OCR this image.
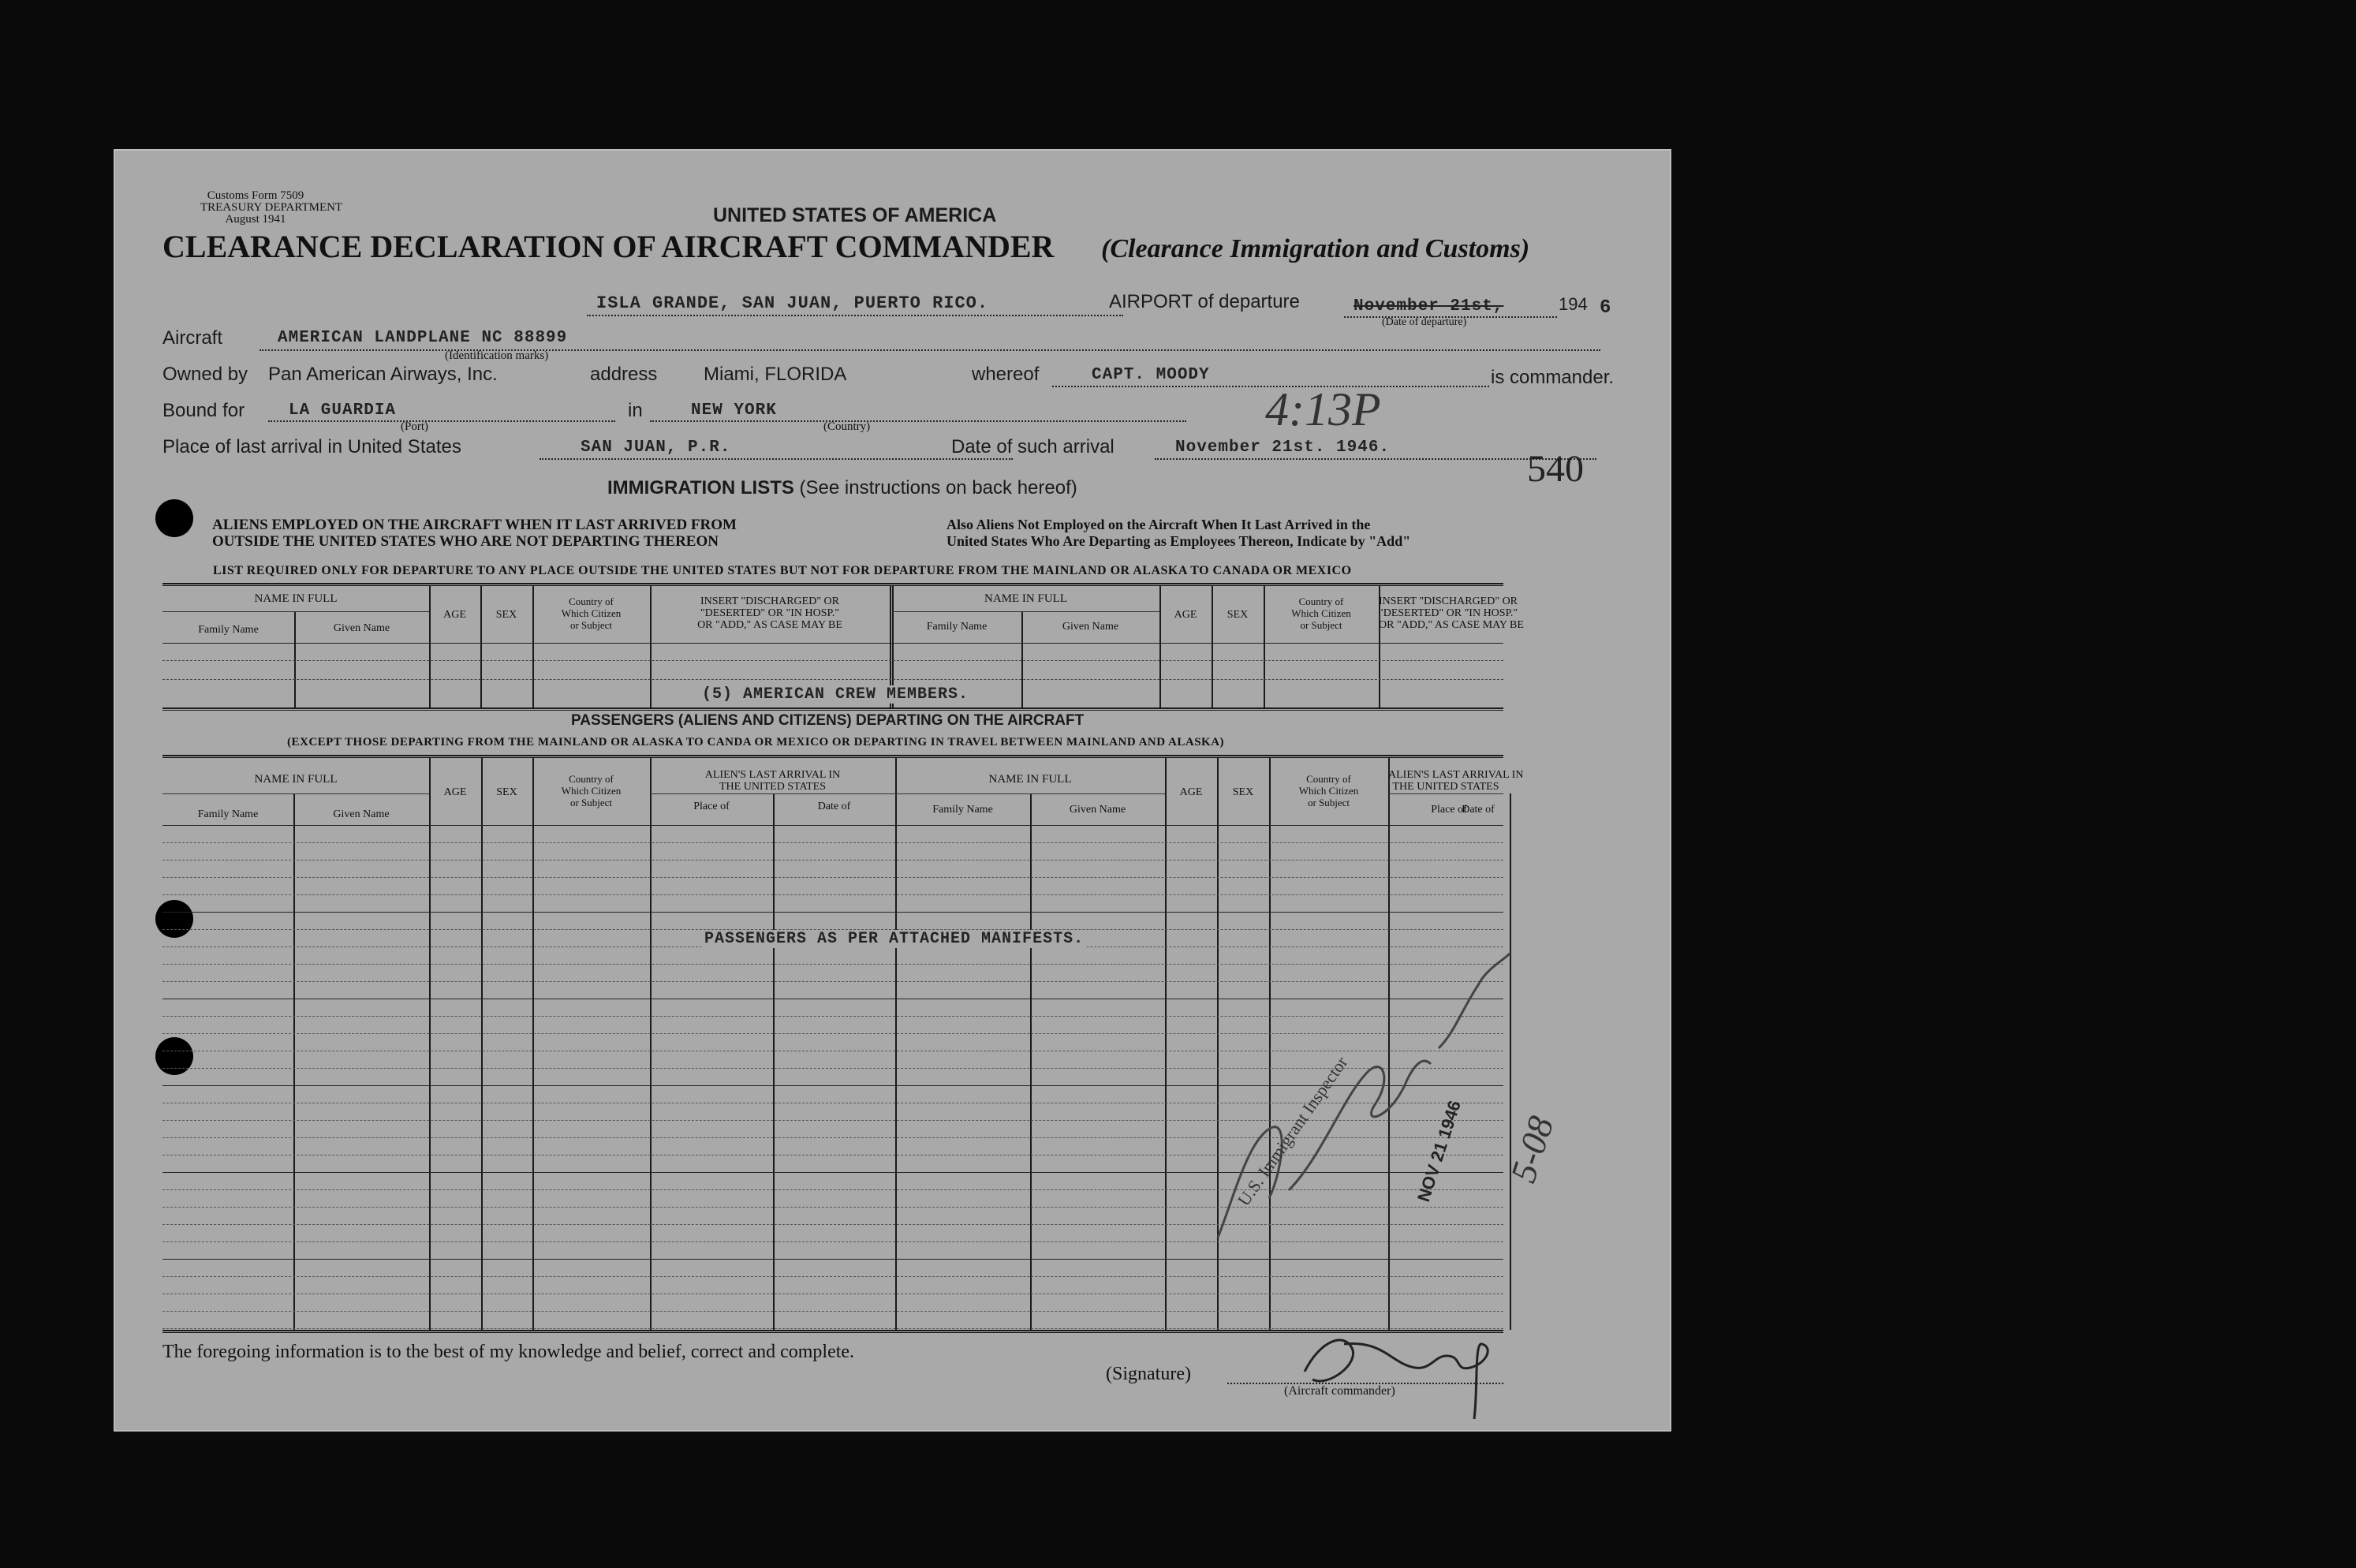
Customs Form 7509
TREASURY DEPARTMENT
August 1941	UNITED STATES OF AMERICA
CLEARANCE DECLARATION OF AIRCRAFT COMMANDER (Clearance Immigration and Customs)
ISLA GRANDE, SAN JUAN, PUERTO RICO.	AIRPORT of departure	November 21st,
(Date of departure)
194 6
Aircraft	AMERICAN LANDPLANE NC 88899
(Identification marks)
Owned by Pan American Airways, Inc.	address Miami, FLORIDA	whereof	CAPT. MOODY	is commander.
Bound for	LA GUARDIA
(Port)
in	NEW YORK
(Country)	4:13P
Place of last arrival in United States	SAN JUAN, P.R.	Date of such arrival	November 21st. 1946.
540
IMMIGRATION LISTS (See instructions on back hereof)
ALIENS EMPLOYED ON THE AIRCRAFT WHEN IT LAST ARRIVED FROM
OUTSIDE THE UNITED STATES WHO ARE NOT DEPARTING THEREON
Also Aliens Not Employed on the Aircraft When It Last Arrived in the
United States Who Are Departing as Employees Thereon, Indicate by "Add"
LIST REQUIRED ONLY FOR DEPARTURE TO ANY PLACE OUTSIDE THE UNITED STATES BUT NOT FOR DEPARTURE FROM THE MAINLAND OR ALASKA TO CANADA OR MEXICO
NAME IN FULL
Family Name	Given Name
AGE	SEX
Country of
Which Citizen
or Subject
INSERT "DISCHARGED" OR
"DESERTED" OR "IN HOSP."
OR "ADD," AS CASE MAY BE
NAME IN FULL
Family Name	Given Name
AGE	SEX
Country of
Which Citizen
or Subject
INSERT "DISCHARGED" OR
"DESERTED" OR "IN HOSP."
OR "ADD," AS CASE MAY BE
(5) AMERICAN CREW MEMBERS.
PASSENGERS (ALIENS AND CITIZENS) DEPARTING ON THE AIRCRAFT
(EXCEPT THOSE DEPARTING FROM THE MAINLAND OR ALASKA TO CANDA OR MEXICO OR DEPARTING IN TRAVEL BETWEEN MAINLAND AND ALASKA)
NAME IN FULL
Family Name	Given Name
AGE	SEX
Country of
Which Citizen
or Subject
ALIEN'S LAST ARRIVAL IN
THE UNITED STATES
Place of	Date of
NAME IN FULL
Family Name	Given Name
AGE	SEX
Country of
Which Citizen
or Subject
ALIEN'S LAST ARRIVAL IN
THE UNITED STATES
Place of
Date of
PASSENGERS AS PER ATTACHED MANIFESTS.
U.S. Immigrant Inspector	NOV 21 1946 5-08
The foregoing information is to the best of my knowledge and belief, correct and complete.
(Signature)
(Aircraft commander)
